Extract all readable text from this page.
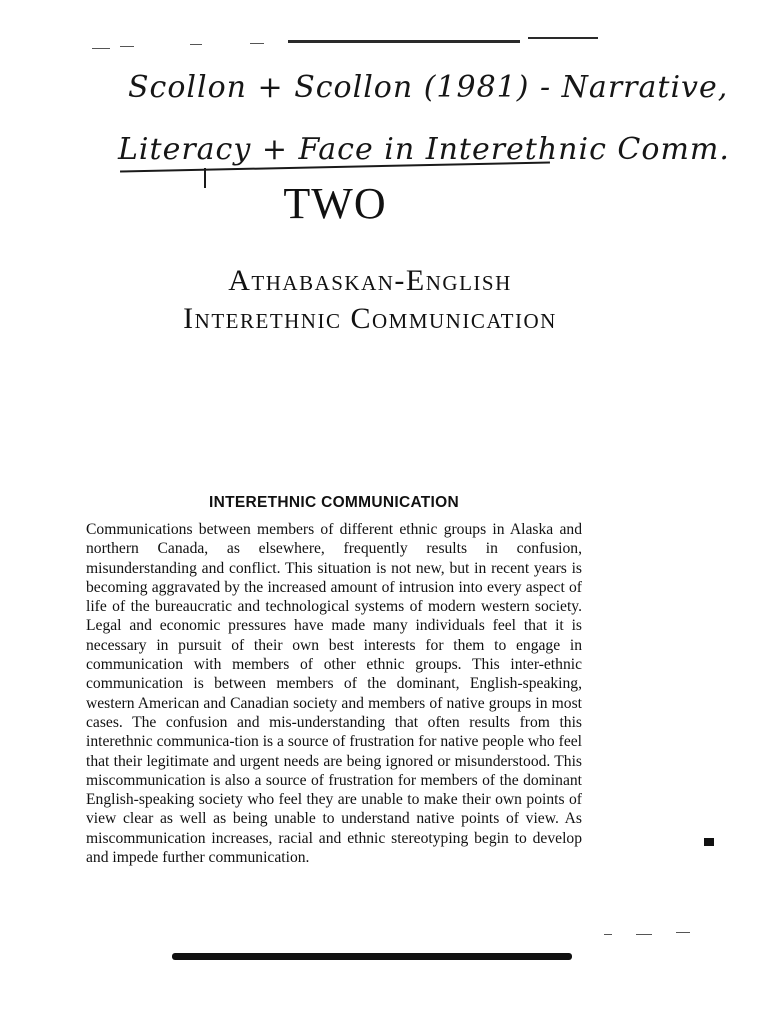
Scollon + Scollon (1981) - Narrative,
Literacy + Face in Interethnic Comm.
TWO
Athabaskan-English
Interethnic Communication
INTERETHNIC COMMUNICATION

Communications between members of different ethnic groups in Alaska and northern Canada, as elsewhere, frequently results in confusion, misunderstanding and conflict. This situation is not new, but in recent years is becoming aggravated by the increased amount of intrusion into every aspect of life of the bureaucratic and technological systems of modern western society. Legal and economic pressures have made many individuals feel that it is necessary in pursuit of their own best interests for them to engage in communication with members of other ethnic groups. This inter-ethnic communication is between members of the dominant, English-speaking, western American and Canadian society and members of native groups in most cases. The confusion and mis-understanding that often results from this interethnic communica-tion is a source of frustration for native people who feel that their legitimate and urgent needs are being ignored or misunderstood. This miscommunication is also a source of frustration for members of the dominant English-speaking society who feel they are unable to make their own points of view clear as well as being unable to understand native points of view. As miscommunication increases, racial and ethnic stereotyping begin to develop and impede further communication.
